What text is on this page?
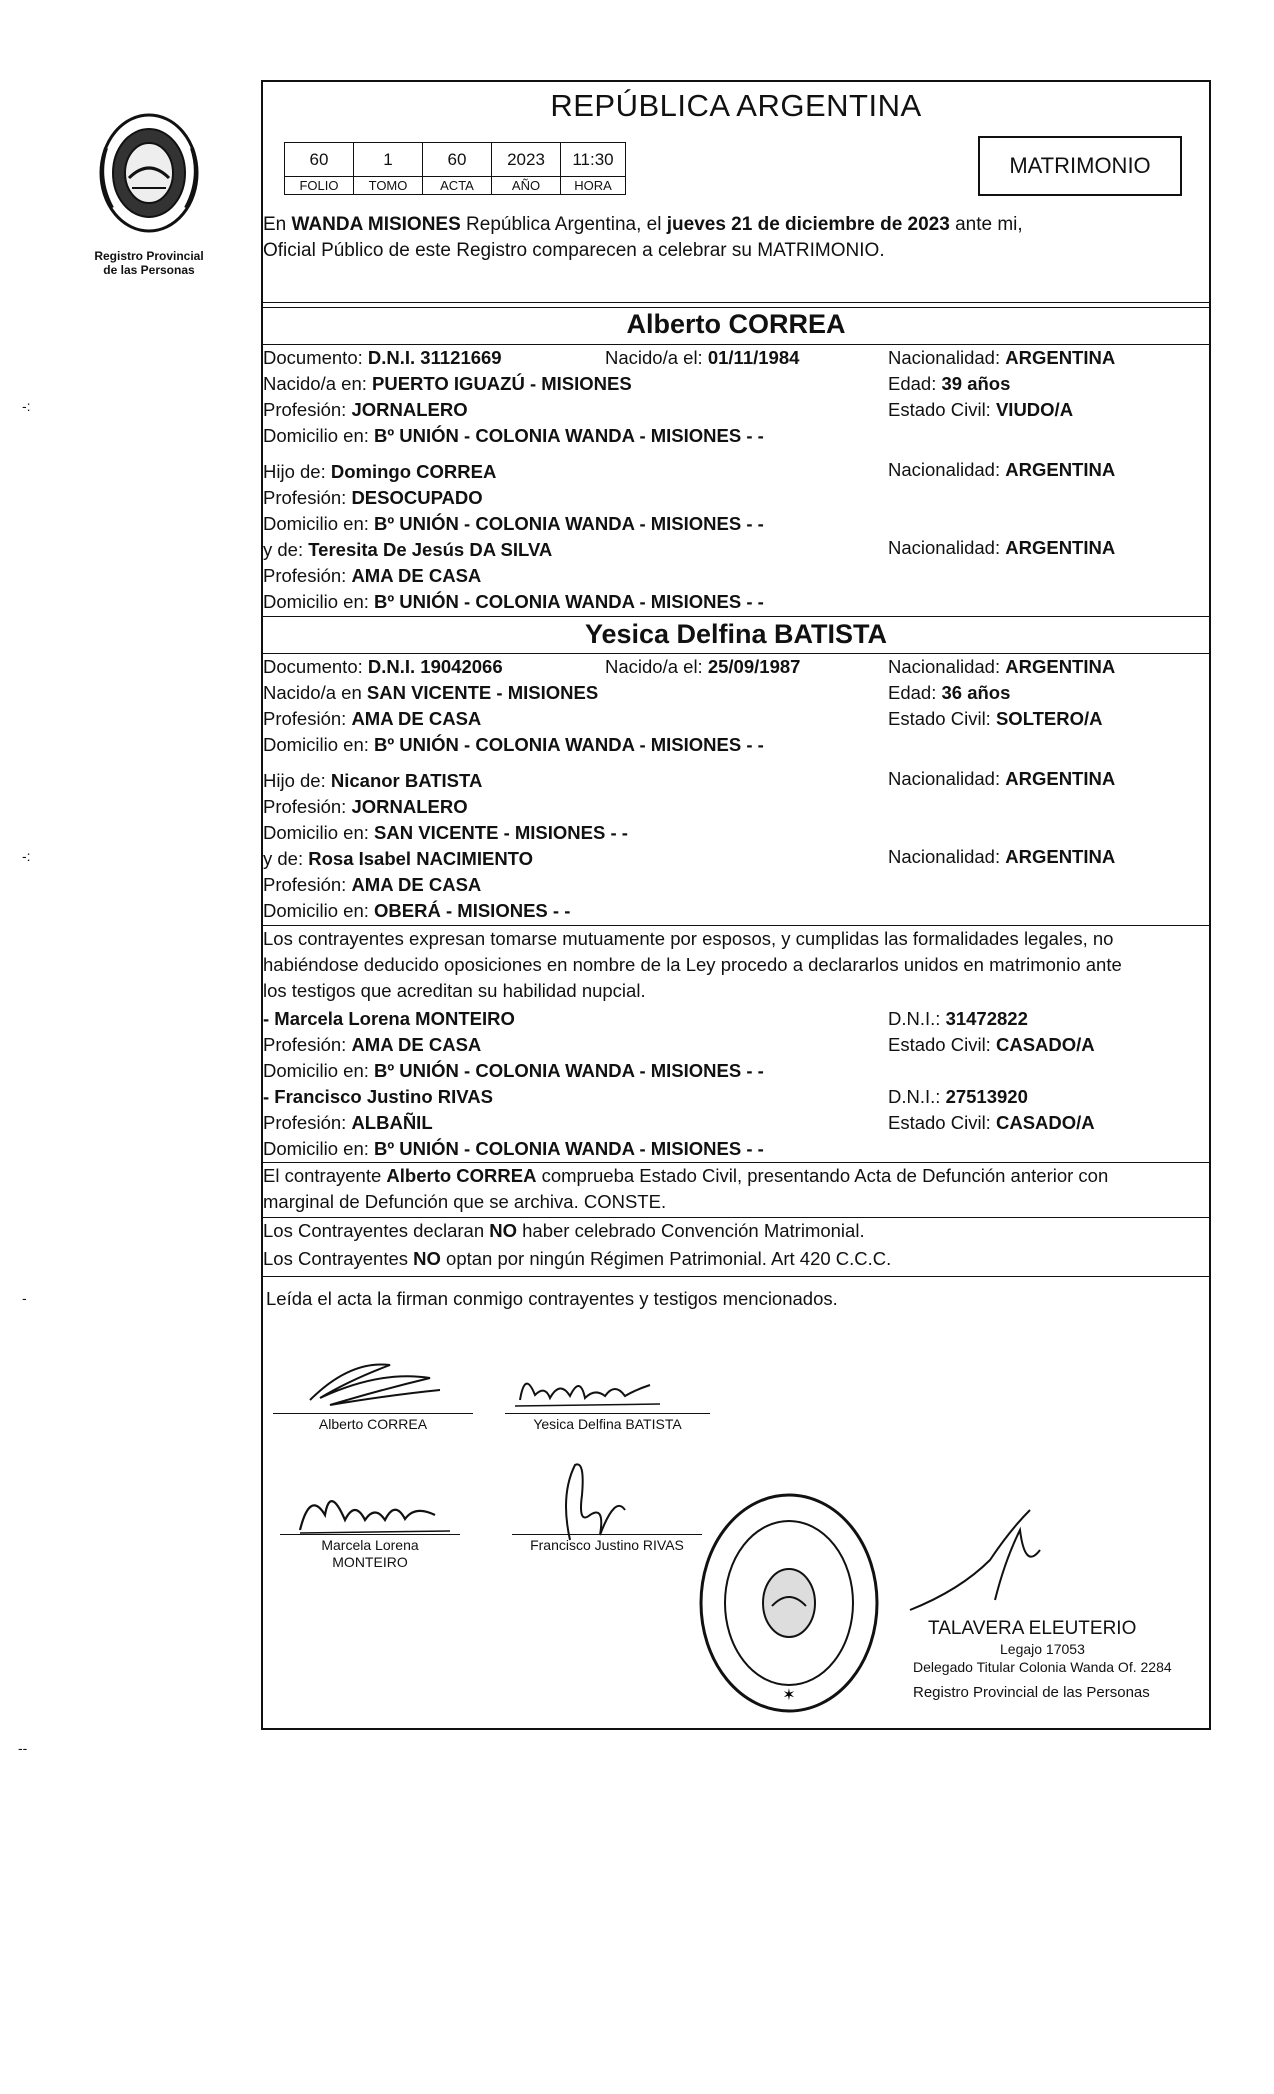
Registro Provincial
de las Personas
REPÚBLICA ARGENTINA
60	1	60	2023	11:30
FOLIO	TOMO	ACTA	AÑO	HORA
MATRIMONIO
En WANDA MISIONES República Argentina, el jueves 21 de diciembre de 2023 ante mi,
Oficial Público de este Registro comparecen a celebrar su MATRIMONIO.
Alberto CORREA
Documento: D.N.I. 31121669	Nacido/a el: 01/11/1984	Nacionalidad: ARGENTINA
Nacido/a en: PUERTO IGUAZÚ - MISIONES	Edad: 39 años
Profesión: JORNALERO	Estado Civil: VIUDO/A
Domicilio en: Bº UNIÓN - COLONIA WANDA - MISIONES - -
Hijo de: Domingo CORREA	Nacionalidad: ARGENTINA
Profesión: DESOCUPADO
Domicilio en: Bº UNIÓN - COLONIA WANDA - MISIONES - -
y de: Teresita De Jesús DA SILVA	Nacionalidad: ARGENTINA
Profesión: AMA DE CASA
Domicilio en: Bº UNIÓN - COLONIA WANDA - MISIONES - -
Yesica Delfina BATISTA
Documento: D.N.I. 19042066	Nacido/a el: 25/09/1987	Nacionalidad: ARGENTINA
Nacido/a en SAN VICENTE - MISIONES	Edad: 36 años
Profesión: AMA DE CASA	Estado Civil: SOLTERO/A
Domicilio en: Bº UNIÓN - COLONIA WANDA - MISIONES - -
Hijo de: Nicanor BATISTA	Nacionalidad: ARGENTINA
Profesión: JORNALERO
Domicilio en: SAN VICENTE - MISIONES - -
y de: Rosa Isabel NACIMIENTO	Nacionalidad: ARGENTINA
Profesión: AMA DE CASA
Domicilio en: OBERÁ - MISIONES - -
Los contrayentes expresan tomarse mutuamente por esposos, y cumplidas las formalidades legales, no
habiéndose deducido oposiciones en nombre de la Ley procedo a declararlos unidos en matrimonio ante
los testigos que acreditan su habilidad nupcial.
- Marcela Lorena MONTEIRO	D.N.I.: 31472822
Profesión: AMA DE CASA	Estado Civil: CASADO/A
Domicilio en: Bº UNIÓN - COLONIA WANDA - MISIONES - -
- Francisco Justino RIVAS	D.N.I.: 27513920
Profesión: ALBAÑIL	Estado Civil: CASADO/A
Domicilio en: Bº UNIÓN - COLONIA WANDA - MISIONES - -
El contrayente Alberto CORREA comprueba Estado Civil, presentando Acta de Defunción anterior con
marginal de Defunción que se archiva. CONSTE.
Los Contrayentes declaran NO haber celebrado Convención Matrimonial.
Los Contrayentes NO optan por ningún Régimen Patrimonial. Art 420 C.C.C.
Leída el acta la firman conmigo contrayentes y testigos mencionados.
Alberto CORREA	Yesica Delfina BATISTA
Marcela Lorena
MONTEIRO
Francisco Justino RIVAS
✶
TALAVERA ELEUTERIO
Legajo 17053
Delegado Titular Colonia Wanda Of. 2284
Registro Provincial de las Personas
-:
-:
-
--
